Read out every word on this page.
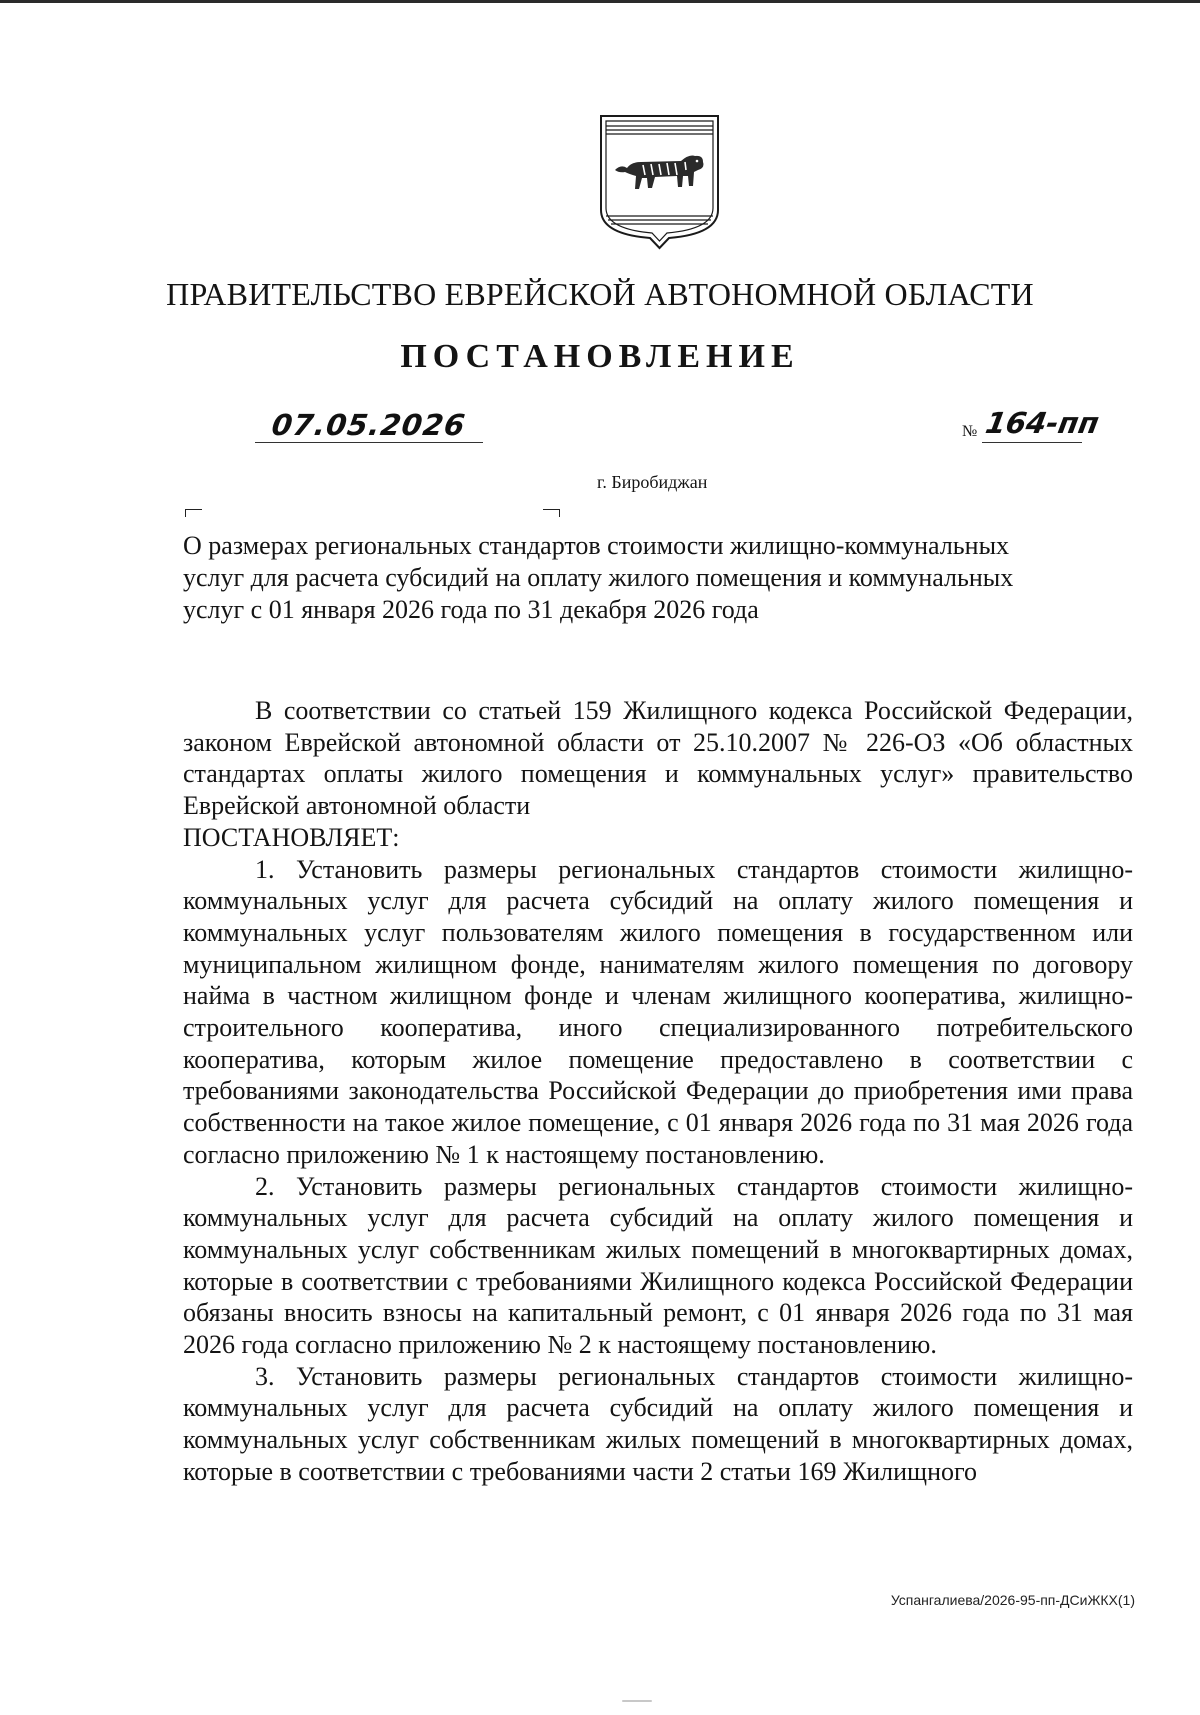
ПРАВИТЕЛЬСТВО ЕВРЕЙСКОЙ АВТОНОМНОЙ ОБЛАСТИ
ПОСТАНОВЛЕНИЕ
07.05.2026	№ 164-пп
г. Биробиджан
О размерах региональных стандартов стоимости жилищно-коммунальных
услуг для расчета субсидий на оплату жилого помещения и коммунальных
услуг с 01 января 2026 года по 31 декабря 2026 года

В соответствии со статьей 159 Жилищного кодекса Российской Федерации, законом Еврейской автономной области от 25.10.2007 № 226-ОЗ «Об областных стандартах оплаты жилого помещения и коммунальных услуг» правительство Еврейской автономной области

ПОСТАНОВЛЯЕТ:

1. Установить размеры региональных стандартов стоимости жилищно-коммунальных услуг для расчета субсидий на оплату жилого помещения и коммунальных услуг пользователям жилого помещения в государственном или муниципальном жилищном фонде, нанимателям жилого помещения по договору найма в частном жилищном фонде и членам жилищного кооператива, жилищно-строительного кооператива, иного специализированного потребительского кооператива, которым жилое помещение предоставлено в соответствии с требованиями законодательства Российской Федерации до приобретения ими права собственности на такое жилое помещение, с 01 января 2026 года по 31 мая 2026 года согласно приложению № 1 к настоящему постановлению.

2. Установить размеры региональных стандартов стоимости жилищно-коммунальных услуг для расчета субсидий на оплату жилого помещения и коммунальных услуг собственникам жилых помещений в многоквартирных домах, которые в соответствии с требованиями Жилищного кодекса Российской Федерации обязаны вносить взносы на капитальный ремонт, с 01 января 2026 года по 31 мая 2026 года согласно приложению № 2 к настоящему постановлению.

3. Установить размеры региональных стандартов стоимости жилищно-коммунальных услуг для расчета субсидий на оплату жилого помещения и коммунальных услуг собственникам жилых помещений в многоквартирных домах, которые в соответствии с требованиями части 2 статьи 169 Жилищного

Успангалиева/2026-95-пп-ДСиЖКХ(1)
